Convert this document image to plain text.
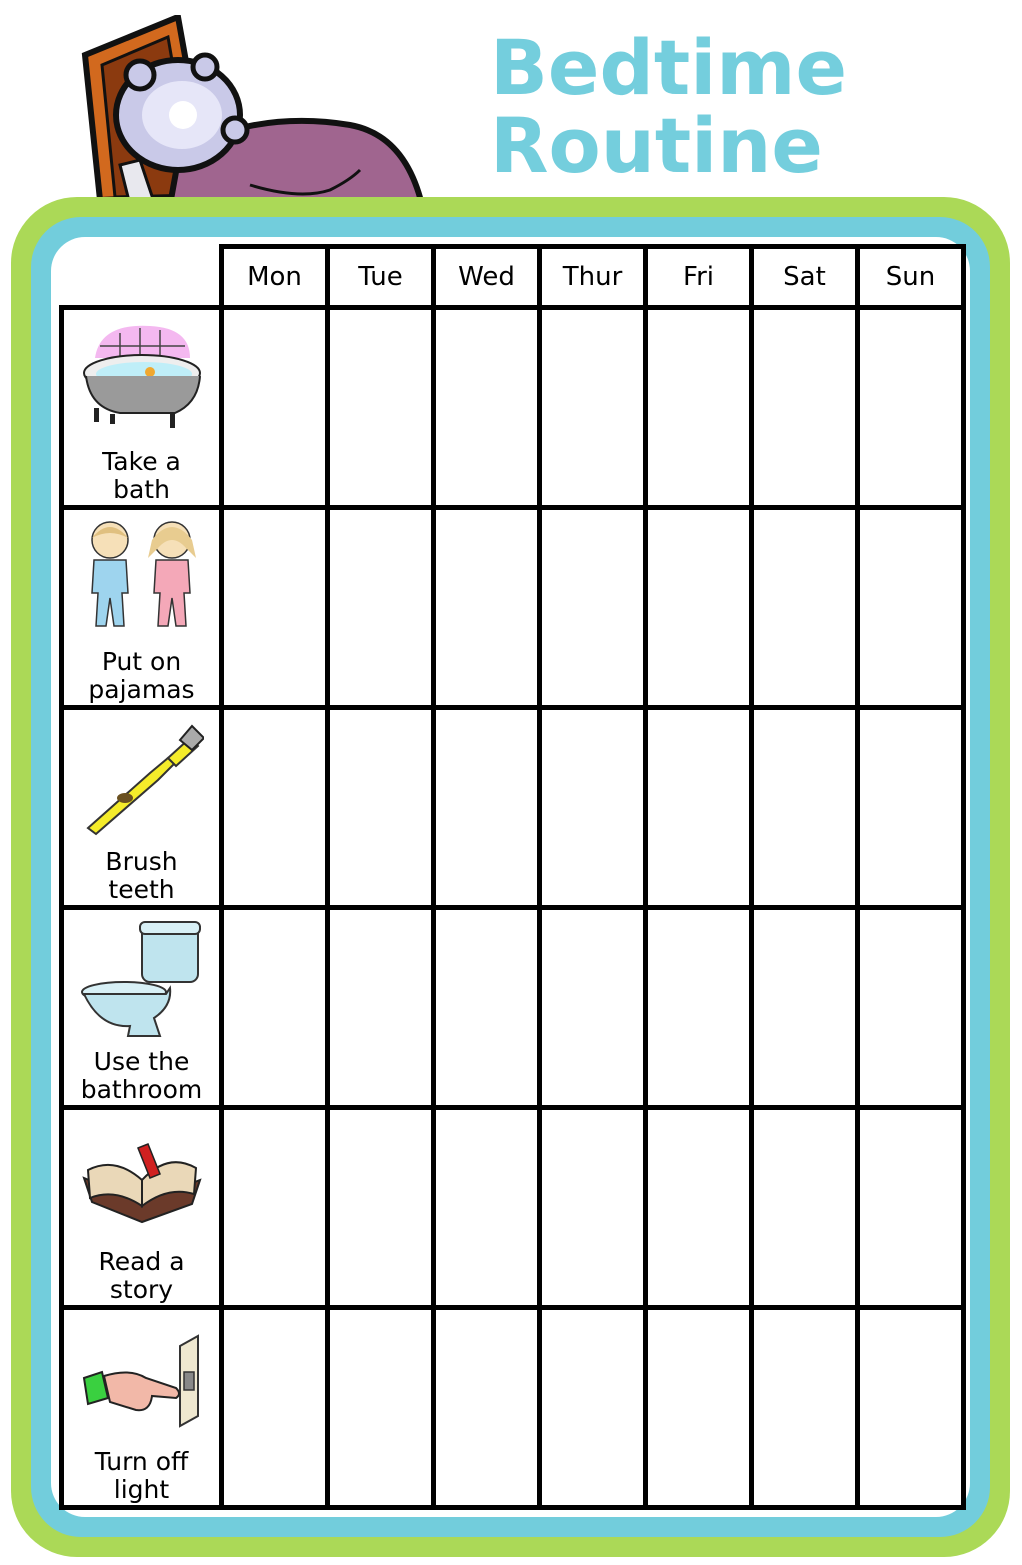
Bedtime
Routine
Mon	Tue	Wed	Thur	Fri	Sat	Sun
Take a
bath
Put on
pajamas
Brush
teeth
Use the
bathroom
Read a
story
Turn off
light
